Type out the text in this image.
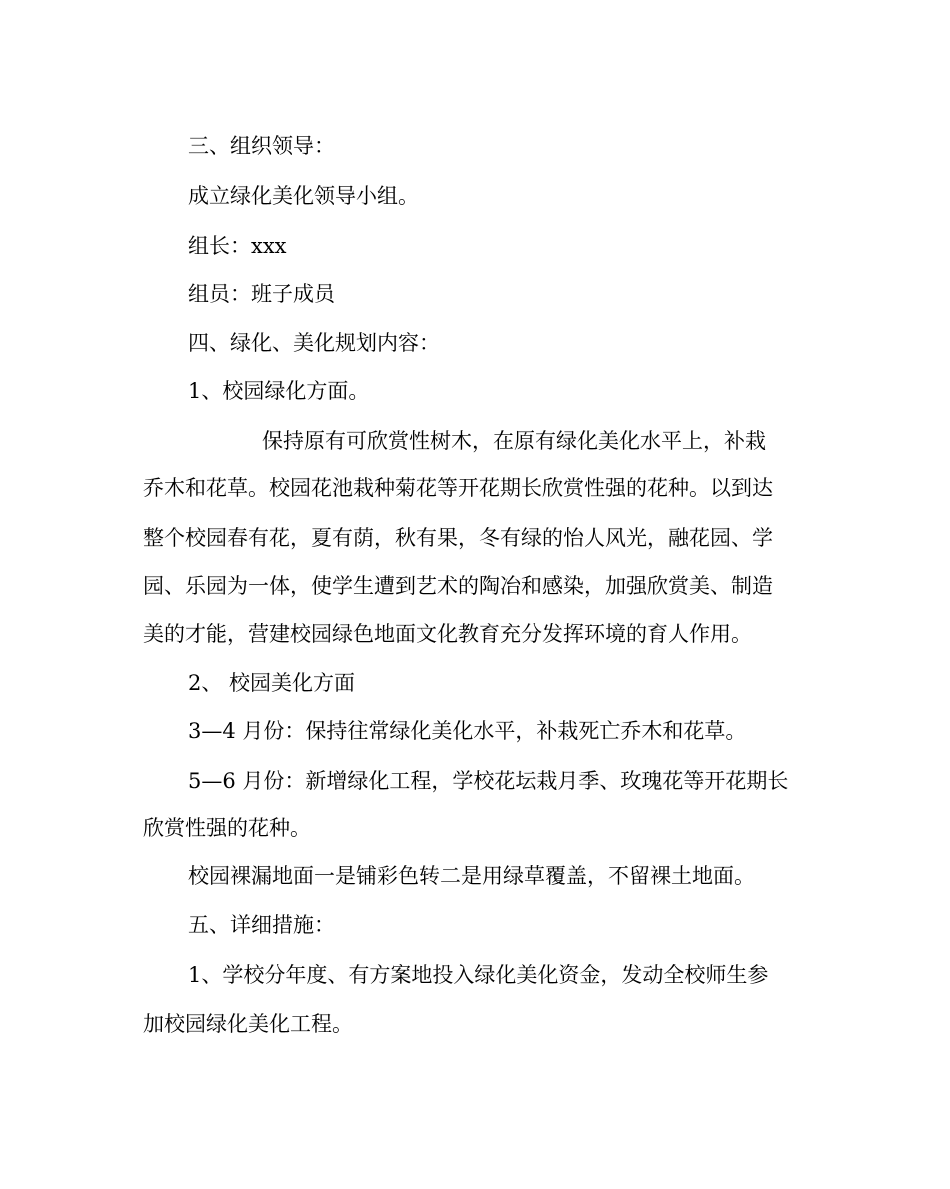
三、组织领导：

成立绿化美化领导小组。

组长：xxx

组员：班子成员

四、绿化、美化规划内容：

1、校园绿化方面。

保持原有可欣赏性树木，在原有绿化美化水平上，补栽

乔木和花草。校园花池栽种菊花等开花期长欣赏性强的花种。以到达

整个校园春有花，夏有荫，秋有果，冬有绿的怡人风光，融花园、学

园、乐园为一体，使学生遭到艺术的陶冶和感染，加强欣赏美、制造

美的才能，营建校园绿色地面文化教育充分发挥环境的育人作用。

2、 校园美化方面

3—4 月份：保持往常绿化美化水平，补栽死亡乔木和花草。

5—6 月份：新增绿化工程，学校花坛栽月季、玫瑰花等开花期长

欣赏性强的花种。

校园裸漏地面一是铺彩色转二是用绿草覆盖，不留裸土地面。

五、详细措施：

1、学校分年度、有方案地投入绿化美化资金，发动全校师生参

加校园绿化美化工程。
